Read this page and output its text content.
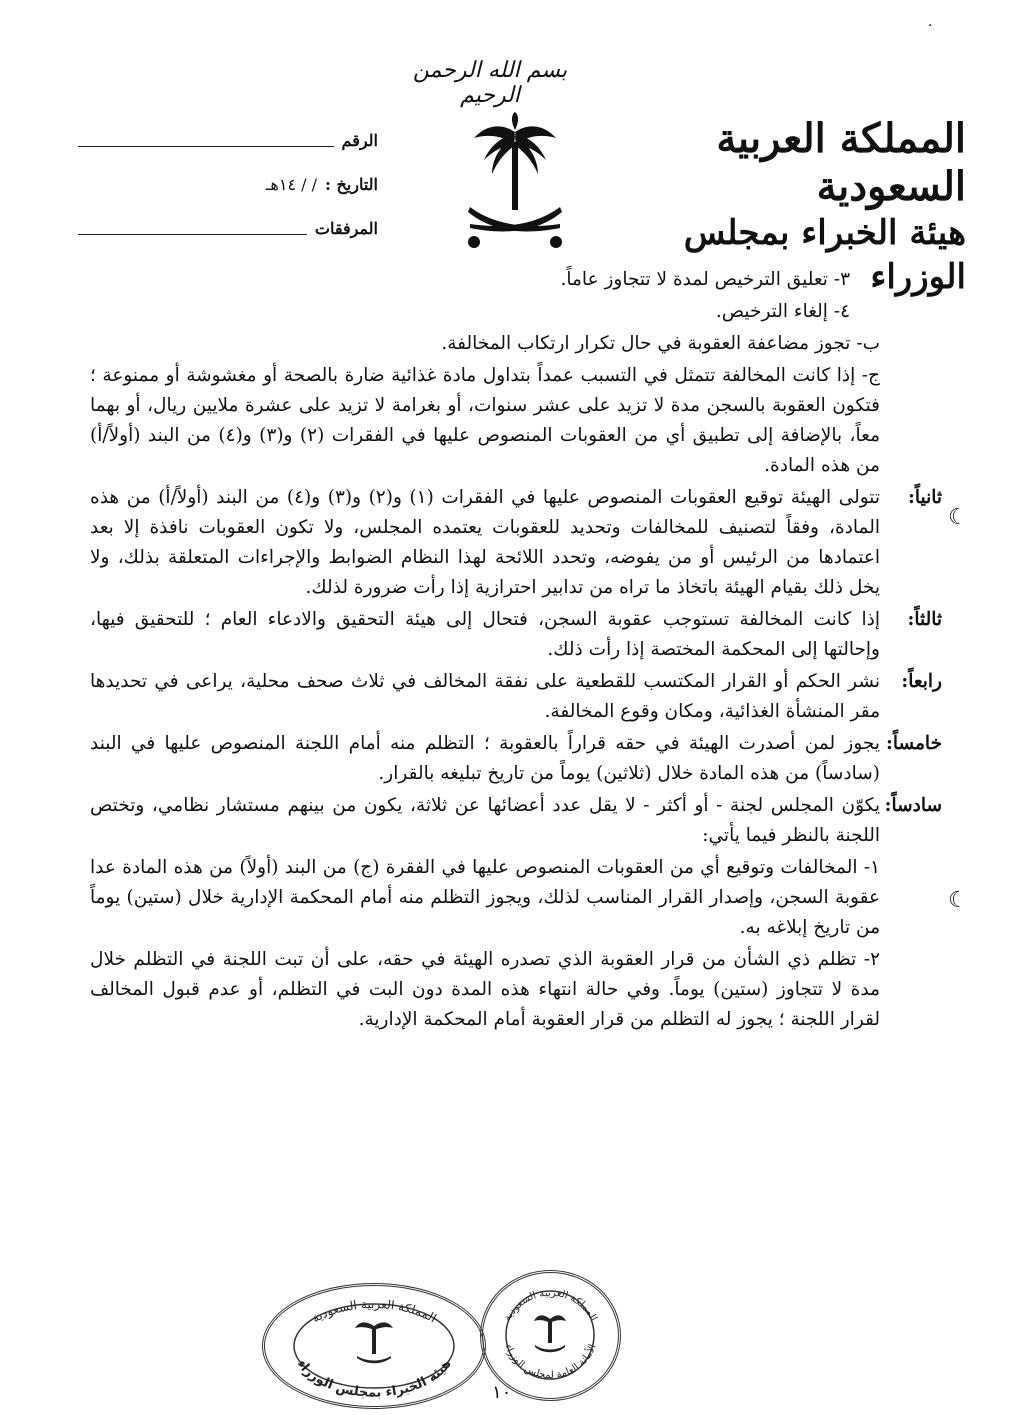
·
بسم الله الرحمن الرحيم
المملكة العربية السعودية
هيئة الخبراء بمجلس الوزراء
الرقم
التاريخ :
/ / ١٤هـ
المرفقات

٣- تعليق الترخيص لمدة لا تتجاوز عاماً.

٤- إلغاء الترخيص.

ب- تجوز مضاعفة العقوبة في حال تكرار ارتكاب المخالفة.

ج- إذا كانت المخالفة تتمثل في التسبب عمداً بتداول مادة غذائية ضارة بالصحة أو مغشوشة أو ممنوعة ؛ فتكون العقوبة بالسجن مدة لا تزيد على عشر سنوات، أو بغرامة لا تزيد على عشرة ملايين ريال، أو بهما معاً، بالإضافة إلى تطبيق أي من العقوبات المنصوص عليها في الفقرات (٢) و(٣) و(٤) من البند (أولاً/أ) من هذه المادة.

ثانياً:
تتولى الهيئة توقيع العقوبات المنصوص عليها في الفقرات (١) و(٢) و(٣) و(٤) من البند (أولاً/أ) من هذه المادة، وفقاً لتصنيف للمخالفات وتحديد للعقوبات يعتمده المجلس، ولا تكون العقوبات نافذة إلا بعد اعتمادها من الرئيس أو من يفوضه، وتحدد اللائحة لهذا النظام الضوابط والإجراءات المتعلقة بذلك، ولا يخل ذلك بقيام الهيئة باتخاذ ما تراه من تدابير احترازية إذا رأت ضرورة لذلك.

ثالثاً:
إذا كانت المخالفة تستوجب عقوبة السجن، فتحال إلى هيئة التحقيق والادعاء العام ؛ للتحقيق فيها، وإحالتها إلى المحكمة المختصة إذا رأت ذلك.

رابعاً:
نشر الحكم أو القرار المكتسب للقطعية على نفقة المخالف في ثلاث صحف محلية، يراعى في تحديدها مقر المنشأة الغذائية، ومكان وقوع المخالفة.

خامساً:
يجوز لمن أصدرت الهيئة في حقه قراراً بالعقوبة ؛ التظلم منه أمام اللجنة المنصوص عليها في البند (سادساً) من هذه المادة خلال (ثلاثين) يوماً من تاريخ تبليغه بالقرار.

سادساً:
يكوّن المجلس لجنة - أو أكثر - لا يقل عدد أعضائها عن ثلاثة، يكون من بينهم مستشار نظامي، وتختص اللجنة بالنظر فيما يأتي:

١- المخالفات وتوقيع أي من العقوبات المنصوص عليها في الفقرة (ج) من البند (أولاً) من هذه المادة عدا عقوبة السجن، وإصدار القرار المناسب لذلك، ويجوز التظلم منه أمام المحكمة الإدارية خلال (ستين) يوماً من تاريخ إبلاغه به.

٢- تظلم ذي الشأن من قرار العقوبة الذي تصدره الهيئة في حقه، على أن تبت اللجنة في التظلم خلال مدة لا تتجاوز (ستين) يوماً. وفي حالة انتهاء هذه المدة دون البت في التظلم، أو عدم قبول المخالف لقرار اللجنة ؛ يجوز له التظلم من قرار العقوبة أمام المحكمة الإدارية.

☾
☾
المملكة العربية السعودية
هيئة الخبراء بمجلس الوزراء
المملكة العربية السعودية
الأمانة العامة لمجلس الوزراء
١٠
